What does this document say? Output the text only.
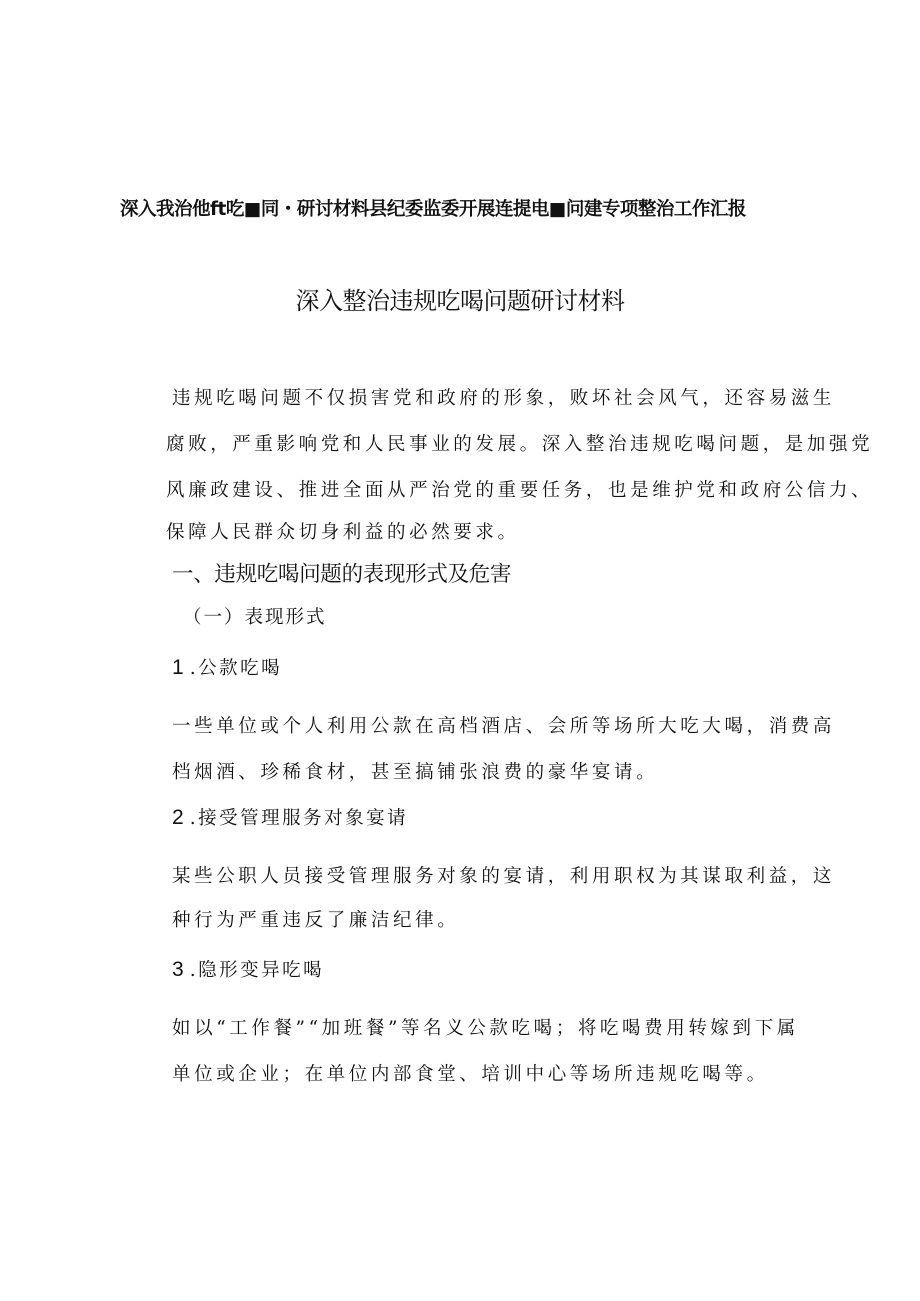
深入我治他ft吃■同・研讨材料县纪委监委开展连提电■问建专项整治工作汇报
深入整治违规吃喝问题研讨材料
违规吃喝问题不仅损害党和政府的形象，败坏社会风气，还容易滋生
腐败，严重影响党和人民事业的发展。深入整治违规吃喝问题，是加强党
风廉政建设、推进全面从严治党的重要任务，也是维护党和政府公信力、
保障人民群众切身利益的必然要求。
一、违规吃喝问题的表现形式及危害
（一）表现形式
1 .公款吃喝
一些单位或个人利用公款在高档酒店、会所等场所大吃大喝，消费高
档烟酒、珍稀食材，甚至搞铺张浪费的豪华宴请。
2 .接受管理服务对象宴请
某些公职人员接受管理服务对象的宴请，利用职权为其谋取利益，这
种行为严重违反了廉洁纪律。
3 .隐形变异吃喝
如以“工作餐”“加班餐”等名义公款吃喝；将吃喝费用转嫁到下属
单位或企业；在单位内部食堂、培训中心等场所违规吃喝等。
